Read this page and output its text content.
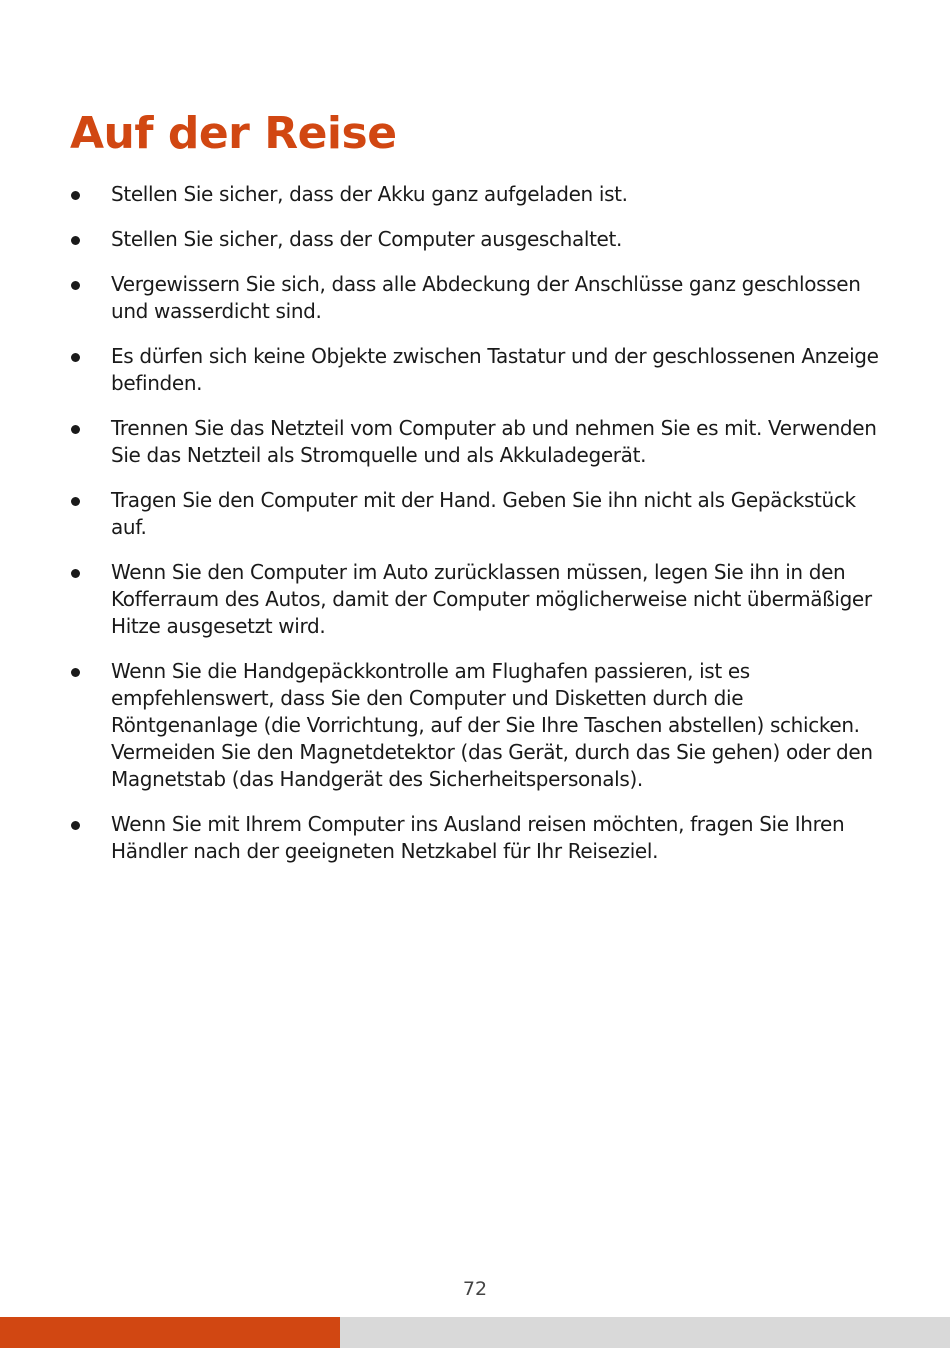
Auf der Reise
Stellen Sie sicher, dass der Akku ganz aufgeladen ist.
Stellen Sie sicher, dass der Computer ausgeschaltet.
Vergewissern Sie sich, dass alle Abdeckung der Anschlüsse ganz geschlossen und wasserdicht sind.
Es dürfen sich keine Objekte zwischen Tastatur und der geschlossenen Anzeige befinden.
Trennen Sie das Netzteil vom Computer ab und nehmen Sie es mit. Verwenden Sie das Netzteil als Stromquelle und als Akkuladegerät.
Tragen Sie den Computer mit der Hand. Geben Sie ihn nicht als Gepäckstück auf.
Wenn Sie den Computer im Auto zurücklassen müssen, legen Sie ihn in den Kofferraum des Autos, damit der Computer möglicherweise nicht übermäßiger Hitze ausgesetzt wird.
Wenn Sie die Handgepäckkontrolle am Flughafen passieren, ist es empfehlenswert, dass Sie den Computer und Disketten durch die Röntgenanlage (die Vorrichtung, auf der Sie Ihre Taschen abstellen) schicken. Vermeiden Sie den Magnetdetektor (das Gerät, durch das Sie gehen) oder den Magnetstab (das Handgerät des Sicherheitspersonals).
Wenn Sie mit Ihrem Computer ins Ausland reisen möchten, fragen Sie Ihren Händler nach der geeigneten Netzkabel für Ihr Reiseziel.
72
